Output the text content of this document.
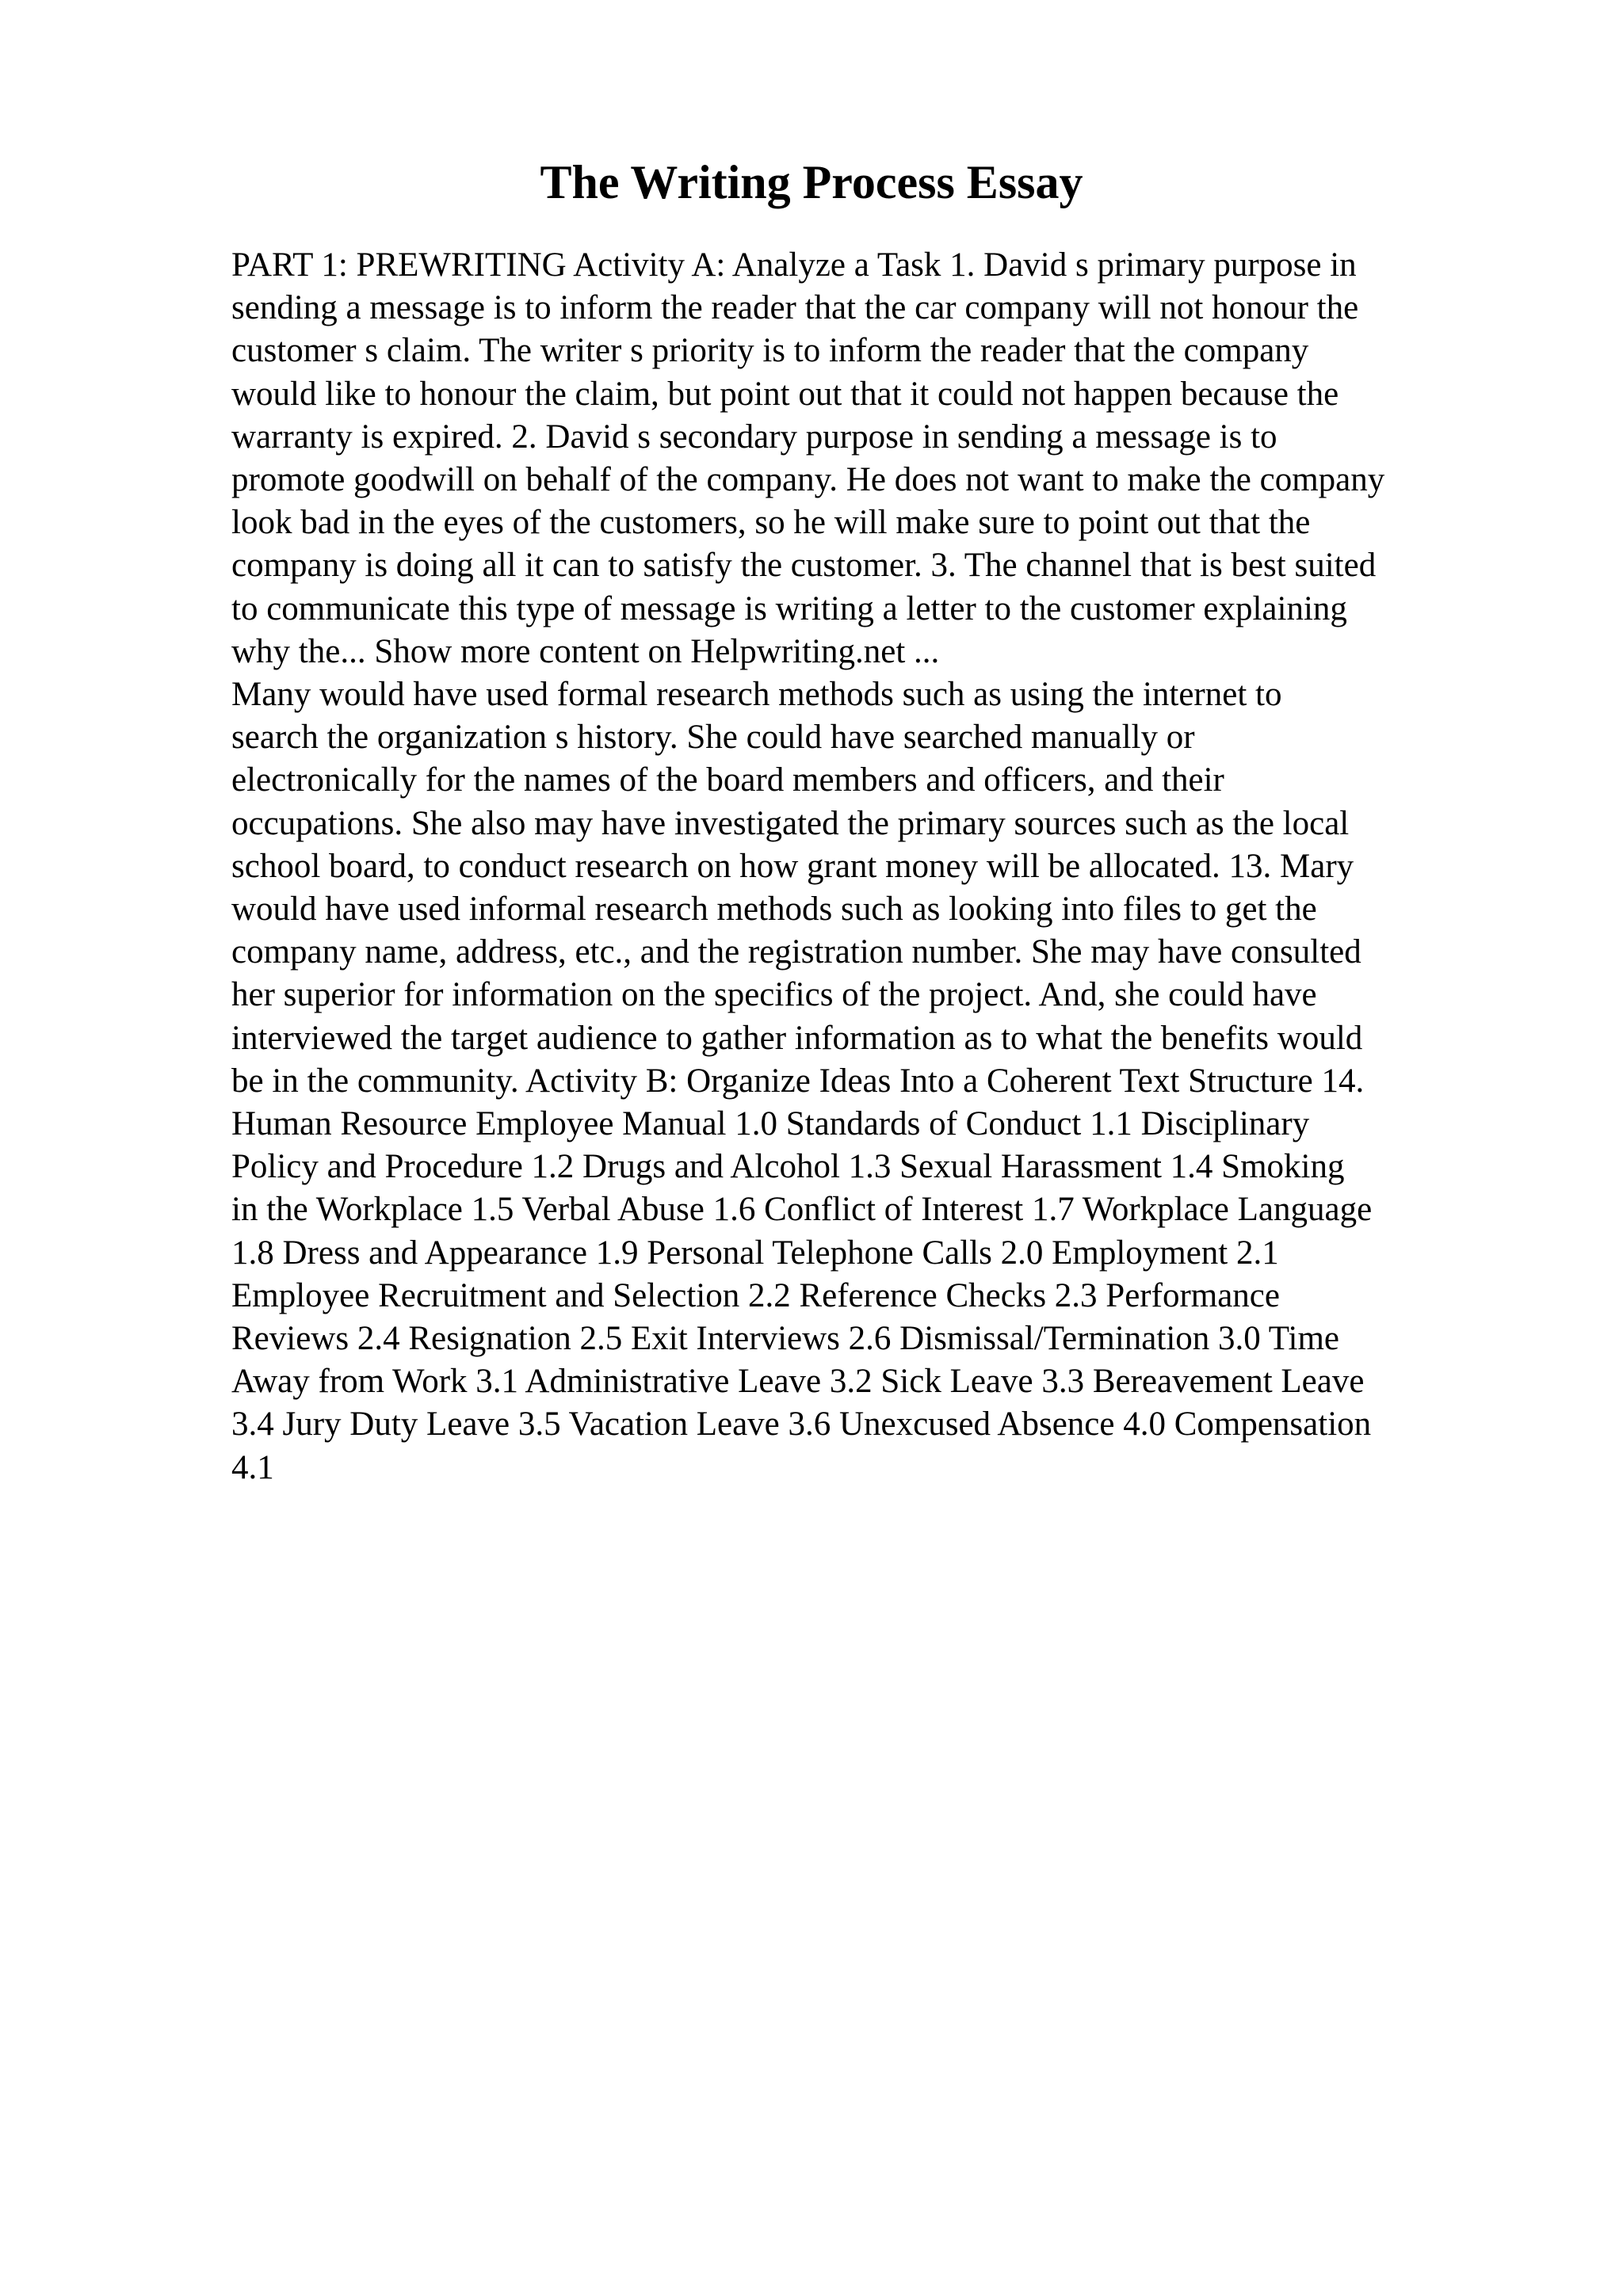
The Writing Process Essay

PART 1: PREWRITING Activity A: Analyze a Task 1. David s primary purpose in
sending a message is to inform the reader that the car company will not honour the
customer s claim. The writer s priority is to inform the reader that the company
would like to honour the claim, but point out that it could not happen because the
warranty is expired. 2. David s secondary purpose in sending a message is to
promote goodwill on behalf of the company. He does not want to make the company
look bad in the eyes of the customers, so he will make sure to point out that the
company is doing all it can to satisfy the customer. 3. The channel that is best suited
to communicate this type of message is writing a letter to the customer explaining
why the... Show more content on Helpwriting.net ...

Many would have used formal research methods such as using the internet to
search the organization s history. She could have searched manually or
electronically for the names of the board members and officers, and their
occupations. She also may have investigated the primary sources such as the local
school board, to conduct research on how grant money will be allocated. 13. Mary
would have used informal research methods such as looking into files to get the
company name, address, etc., and the registration number. She may have consulted
her superior for information on the specifics of the project. And, she could have
interviewed the target audience to gather information as to what the benefits would
be in the community. Activity B: Organize Ideas Into a Coherent Text Structure 14.
Human Resource Employee Manual 1.0 Standards of Conduct 1.1 Disciplinary
Policy and Procedure 1.2 Drugs and Alcohol 1.3 Sexual Harassment 1.4 Smoking
in the Workplace 1.5 Verbal Abuse 1.6 Conflict of Interest 1.7 Workplace Language
1.8 Dress and Appearance 1.9 Personal Telephone Calls 2.0 Employment 2.1
Employee Recruitment and Selection 2.2 Reference Checks 2.3 Performance
Reviews 2.4 Resignation 2.5 Exit Interviews 2.6 Dismissal/Termination 3.0 Time
Away from Work 3.1 Administrative Leave 3.2 Sick Leave 3.3 Bereavement Leave
3.4 Jury Duty Leave 3.5 Vacation Leave 3.6 Unexcused Absence 4.0 Compensation
4.1
